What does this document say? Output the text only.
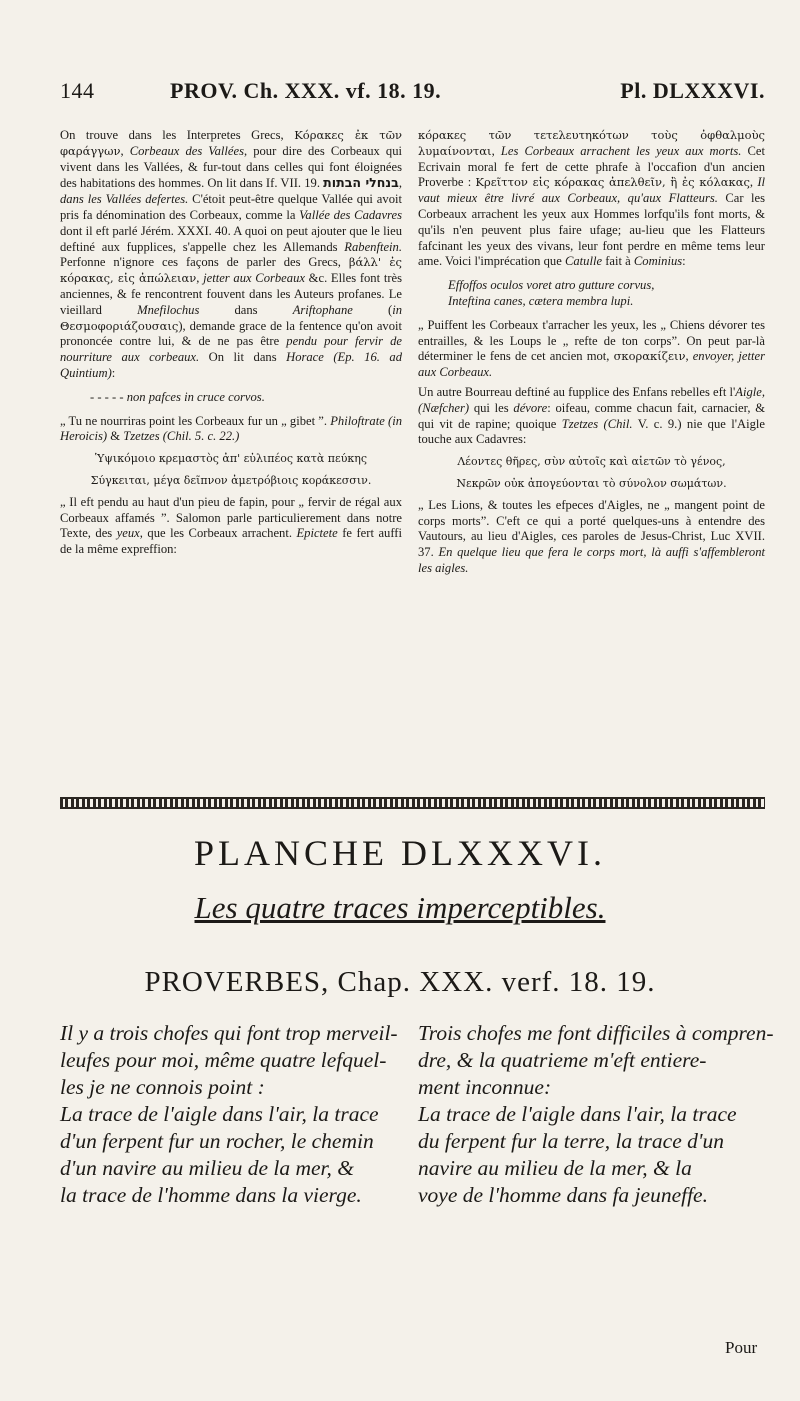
144	PROV. Ch. XXX. vf. 18. 19.	Pl. DLXXXVI.

On trouve dans les Interpretes Grecs, Κόρακες ἐκ τῶν φαράγγων, Corbeaux des Vallées, pour dire des Corbeaux qui vivent dans les Vallées, & fur-tout dans celles qui font éloignées des habitations des hommes. On lit dans If. VII. 19. בנחלי הבתות, dans les Vallées defertes. C'étoit peut-être quelque Vallée qui avoit pris fa dénomination des Corbeaux, comme la Vallée des Cadavres dont il eft parlé Jérém. XXXI. 40. A quoi on peut ajouter que le lieu deftiné aux fupplices, s'appelle chez les Allemands Rabenftein. Perfonne n'ignore ces façons de parler des Grecs, βάλλ' ἐς κόρακας, εἰς ἀπώλειαν, jetter aux Corbeaux &c. Elles font très anciennes, & fe rencontrent fouvent dans les Auteurs profanes. Le vieillard Mnefilochus dans Ariftophane (in Θεσμοφοριάζουσαις), demande grace de la fentence qu'on avoit prononcée contre lui, & de ne pas être pendu pour fervir de nourriture aux corbeaux. On lit dans Horace (Ep. 16. ad Quintium):

- - - - - non pafces in cruce corvos.

„ Tu ne nourriras point les Corbeaux fur un „ gibet ”. Philoftrate (in Heroicis) & Tzetzes (Chil. 5. c. 22.)

Ὑψικόμοιο κρεμαστὸς ἀπ' εὐλιπέος κατὰ πεύκης

Σύγκειται, μέγα δεῖπνον ἀμετρόβιοις κοράκεσσιν.

„ Il eft pendu au haut d'un pieu de fapin, pour „ fervir de régal aux Corbeaux affamés ”. Salomon parle particulierement dans notre Texte, des yeux, que les Corbeaux arrachent. Epictete fe fert auffi de la même expreffion:

κόρακες τῶν τετελευτηκότων τοὺς ὀφθαλμοὺς λυμαίνονται, Les Corbeaux arrachent les yeux aux morts. Cet Ecrivain moral fe fert de cette phrafe à l'occafion d'un ancien Proverbe : Κρεῖττον εἰς κόρακας ἀπελθεῖν, ἢ ἐς κόλακας, Il vaut mieux être livré aux Corbeaux, qu'aux Flatteurs. Car les Corbeaux arrachent les yeux aux Hommes lorfqu'ils font morts, & qu'ils n'en peuvent plus faire ufage; au-lieu que les Flatteurs fafcinant les yeux des vivans, leur font perdre en même tems leur ame. Voici l'imprécation que Catulle fait à Cominius:

Effoffos oculos voret atro gutture corvus,

Inteftina canes, cætera membra lupi.

„ Puiffent les Corbeaux t'arracher les yeux, les „ Chiens dévorer tes entrailles, & les Loups le „ refte de ton corps”. On peut par-là déterminer le fens de cet ancien mot, σκορακίζειν, envoyer, jetter aux Corbeaux.

Un autre Bourreau deftiné au fupplice des Enfans rebelles eft l'Aigle, (Næfcher) qui les dévore: oifeau, comme chacun fait, carnacier, & qui vit de rapine; quoique Tzetzes (Chil. V. c. 9.) nie que l'Aigle touche aux Cadavres:

Λέοντες θῆρες, σὺν αὐτοῖς καὶ αἰετῶν τὸ γένος,

Νεκρῶν οὐκ ἀπογεύονται τὸ σύνολον σωμάτων.

„ Les Lions, & toutes les efpeces d'Aigles, ne „ mangent point de corps morts”. C'eft ce qui a porté quelques-uns à entendre des Vautours, au lieu d'Aigles, ces paroles de Jesus-Christ, Luc XVII. 37. En quelque lieu que fera le corps mort, là auffi s'affembleront les aigles.

PLANCHE DLXXXVI.
Les quatre traces imperceptibles.
PROVERBES, Chap. XXX. verf. 18. 19.
Il y a trois chofes qui font trop merveil-
leufes pour moi, même quatre lefquel-
les je ne connois point :
La trace de l'aigle dans l'air, la trace
d'un ferpent fur un rocher, le chemin
d'un navire au milieu de la mer, &
la trace de l'homme dans la vierge.
Trois chofes me font difficiles à compren-
dre, & la quatrieme m'eft entiere-
ment inconnue:
La trace de l'aigle dans l'air, la trace
du ferpent fur la terre, la trace d'un
navire au milieu de la mer, & la
voye de l'homme dans fa jeuneffe.
Pour
